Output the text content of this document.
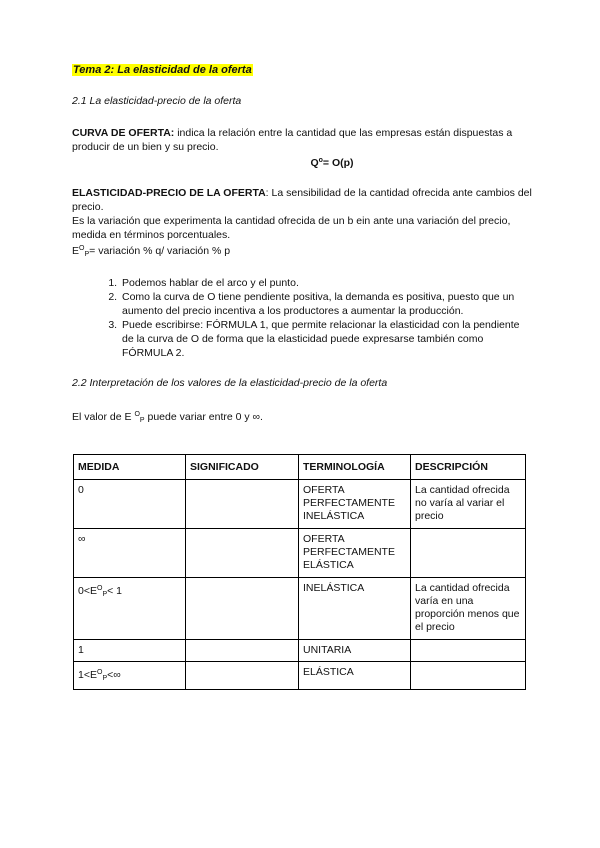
Tema 2: La elasticidad de la oferta
2.1 La elasticidad-precio de la oferta

CURVA DE OFERTA: indica la relación entre la cantidad que las empresas están dispuestas a producir de un bien y su precio.

$Q^o= O(p)$

ELASTICIDAD-PRECIO DE LA OFERTA: La sensibilidad de la cantidad ofrecida ante cambios del precio.

Es la variación que experimenta la cantidad ofrecida de un b ein ante una variación del precio, medida en términos porcentuales.

$E^O_P=$ variación % q/ variación % p

1. Podemos hablar de el arco y el punto.
2. Como la curva de O tiene pendiente positiva, la demanda es positiva, puesto que un aumento del precio incentiva a los productores a aumentar la producción.
3. Puede escribirse: FÓRMULA 1, que permite relacionar la elasticidad con la pendiente de la curva de O de forma que la elasticidad puede expresarse también como FÓRMULA 2.
2.2 Interpretación de los valores de la elasticidad-precio de la oferta

El valor de E $^O_P$ puede variar entre 0 y ∞.

MEDIDA	SIGNIFICADO	TERMINOLOGÍA	DESCRIPCIÓN
0		OFERTA PERFECTAMENTE INELÁSTICA	La cantidad ofrecida no varía al variar el precio
∞		OFERTA PERFECTAMENTE ELÁSTICA	
$0<E^O_P< 1$		INELÁSTICA	La cantidad ofrecida varía en una proporción menos que el precio
1		UNITARIA	
$1<E^O_P<\infty$		ELÁSTICA	
